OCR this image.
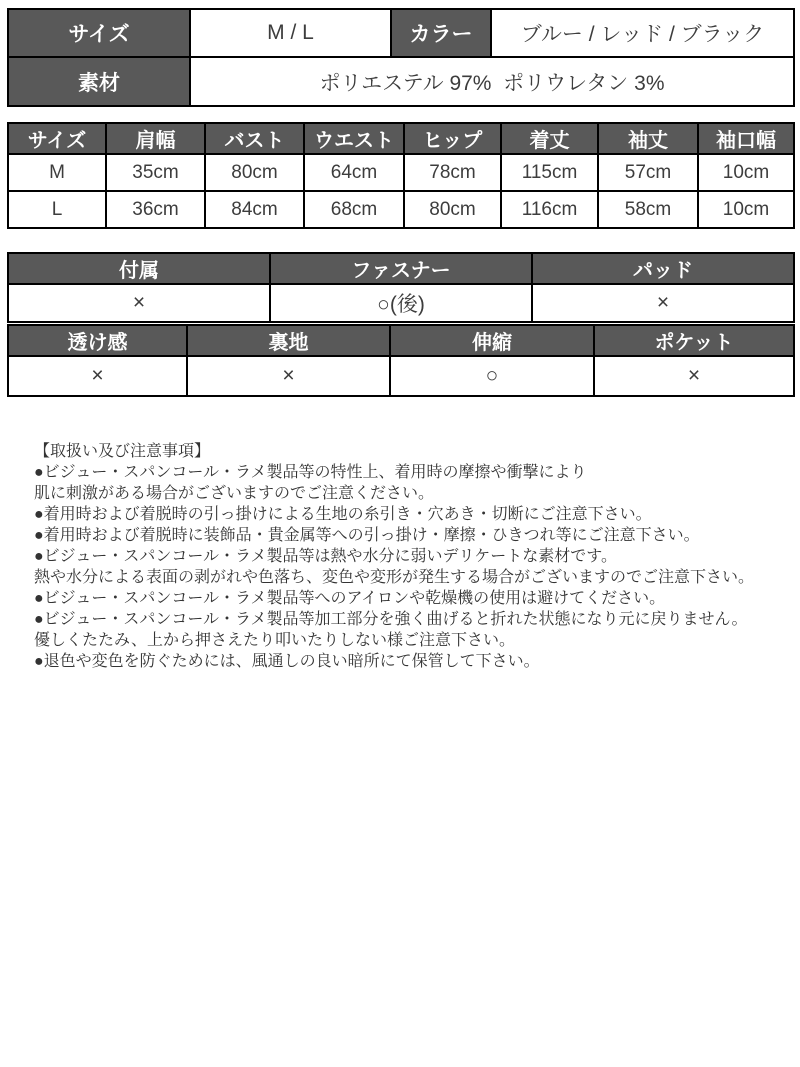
サイズ	M / L	カラー	ブルー / レッド / ブラック
素材	ポリエステル 97%  ポリウレタン 3%		
サイズ	肩幅	バスト	ウエスト	ヒップ	着丈	袖丈	袖口幅
M	35cm	80cm	64cm	78cm	115cm	57cm	10cm
L	36cm	84cm	68cm	80cm	116cm	58cm	10cm
付属	ファスナー	パッド
×	○(後)	×
透け感	裏地	伸縮	ポケット
×	×	○	×
【取扱い及び注意事項】
●ビジュー・スパンコール・ラメ製品等の特性上、着用時の摩擦や衝撃により
肌に刺激がある場合がございますのでご注意ください。
●着用時および着脱時の引っ掛けによる生地の糸引き・穴あき・切断にご注意下さい。
●着用時および着脱時に装飾品・貴金属等への引っ掛け・摩擦・ひきつれ等にご注意下さい。
●ビジュー・スパンコール・ラメ製品等は熱や水分に弱いデリケートな素材です。
熱や水分による表面の剥がれや色落ち、変色や変形が発生する場合がございますのでご注意下さい。
●ビジュー・スパンコール・ラメ製品等へのアイロンや乾燥機の使用は避けてください。
●ビジュー・スパンコール・ラメ製品等加工部分を強く曲げると折れた状態になり元に戻りません。
優しくたたみ、上から押さえたり叩いたりしない様ご注意下さい。
●退色や変色を防ぐためには、風通しの良い暗所にて保管して下さい。
